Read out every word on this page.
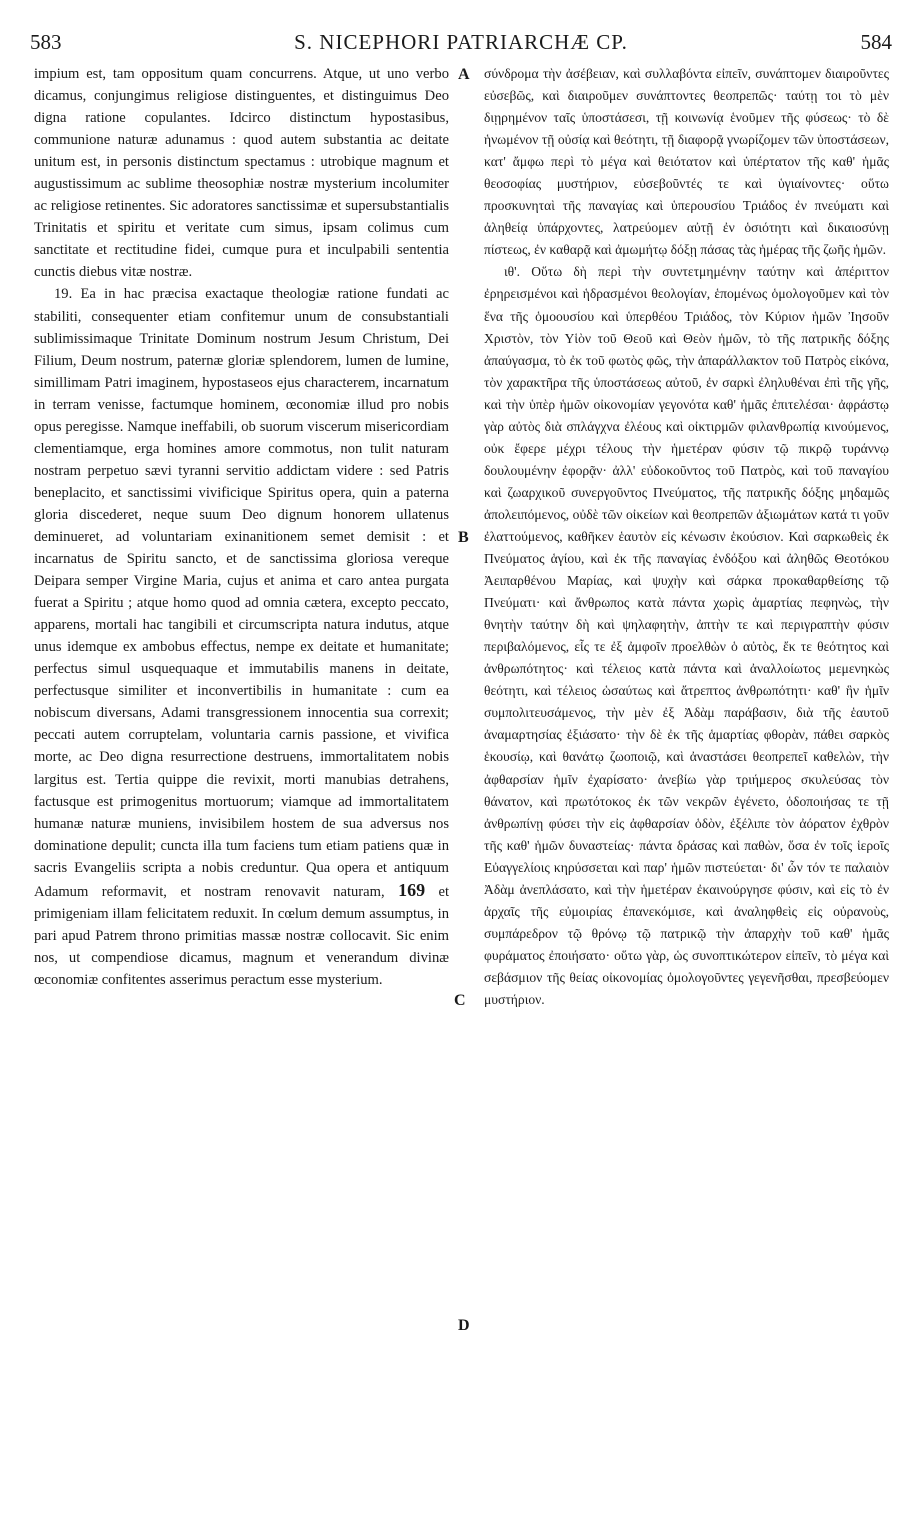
583	S. NICEPHORI PATRIARCHÆ CP.	584

impium est, tam oppositum quam concurrens. Atque, ut uno verbo dicamus, conjungimus religiose distinguentes, et distinguimus Deo digna ratione copulantes. Idcirco distinctum hypostasibus, communione naturæ adunamus : quod autem substantia ac deitate unitum est, in personis distinctum spectamus : utrobique magnum et augustissimum ac sublime theosophiæ nostræ mysterium incolumiter ac religiose retinentes. Sic adoratores sanctissimæ et supersubstantialis Trinitatis et spiritu et veritate cum simus, ipsam colimus cum sanctitate et rectitudine fidei, cumque pura et inculpabili sententia cunctis diebus vitæ nostræ.

19. Ea in hac præcisa exactaque theologiæ ratione fundati ac stabiliti, consequenter etiam confitemur unum de consubstantiali sublimissimaque Trinitate Dominum nostrum Jesum Christum, Dei Filium, Deum nostrum, paternæ gloriæ splendorem, lumen de lumine, simillimam Patri imaginem, hypostaseos ejus characterem, incarnatum in terram venisse, factumque hominem, œconomiæ illud pro nobis opus peregisse. Namque ineffabili, ob suorum viscerum misericordiam clementiamque, erga homines amore commotus, non tulit naturam nostram perpetuo sævi tyranni servitio addictam videre : sed Patris beneplacito, et sanctissimi vivificique Spiritus opera, quin a paterna gloria discederet, neque suum Deo dignum honorem ullatenus deminueret, ad voluntariam exinanitionem semet demisit : et incarnatus de Spiritu sancto, et de sanctissima gloriosa vereque Deipara semper Virgine Maria, cujus et anima et caro antea purgata fuerat a Spiritu ; atque homo quod ad omnia cætera, excepto peccato, apparens, mortali hac tangibili et circumscripta natura indutus, atque unus idemque ex ambobus effectus, nempe ex deitate et humanitate; perfectus simul usquequaque et immutabilis manens in deitate, perfectusque similiter et inconvertibilis in humanitate : cum ea nobiscum diversans, Adami transgressionem innocentia sua correxit; peccati autem corruptelam, voluntaria carnis passione, et vivifica morte, ac Deo digna resurrectione destruens, immortalitatem nobis largitus est. Tertia quippe die revixit, morti manubias detrahens, factusque est primogenitus mortuorum; viamque ad immortalitatem humanæ naturæ muniens, invisibilem hostem de sua adversus nos dominatione depulit; cuncta illa tum faciens tum etiam patiens quæ in sacris Evangeliis scripta a nobis creduntur. Qua opera et antiquum Adamum reformavit, et nostram renovavit naturam, 169 et primigeniam illam felicitatem reduxit. In cœlum demum assumptus, in pari apud Patrem throno primitias massæ nostræ collocavit. Sic enim nos, ut compendiose dicamus, magnum et venerandum divinæ œconomiæ confitentes asserimus peractum esse mysterium.

A
B
C
D

σύνδρομα τὴν ἀσέβειαν, καὶ συλλαβόντα εἰπεῖν, συνάπτομεν διαιροῦντες εὐσεβῶς, καὶ διαιροῦμεν συνάπτοντες θεοπρεπῶς· ταύτῃ τοι τὸ μὲν διῃρημένον ταῖς ὑποστάσεσι, τῇ κοινωνίᾳ ἑνοῦμεν τῆς φύσεως· τὸ δὲ ἡνωμένον τῇ οὐσίᾳ καὶ θεότητι, τῇ διαφορᾷ γνωρίζομεν τῶν ὑποστάσεων, κατ' ἄμφω περὶ τὸ μέγα καὶ θειότατον καὶ ὑπέρτατον τῆς καθ' ἡμᾶς θεοσοφίας μυστήριον, εὐσεβοῦντές τε καὶ ὑγιαίνοντες· οὕτω προσκυνηταὶ τῆς παναγίας καὶ ὑπερουσίου Τριάδος ἐν πνεύματι καὶ ἀληθείᾳ ὑπάρχοντες, λατρεύομεν αὐτῇ ἐν ὁσιότητι καὶ δικαιοσύνῃ πίστεως, ἐν καθαρᾷ καὶ ἀμωμήτῳ δόξῃ πάσας τὰς ἡμέρας τῆς ζωῆς ἡμῶν.

ιθ'. Οὕτω δὴ περὶ τὴν συντετμημένην ταύτην καὶ ἀπέριττον ἐρηρεισμένοι καὶ ἡδρασμένοι θεολογίαν, ἑπομένως ὁμολογοῦμεν καὶ τὸν ἕνα τῆς ὁμοουσίου καὶ ὑπερθέου Τριάδος, τὸν Κύριον ἡμῶν Ἰησοῦν Χριστὸν, τὸν Υἱὸν τοῦ Θεοῦ καὶ Θεὸν ἡμῶν, τὸ τῆς πατρικῆς δόξης ἀπαύγασμα, τὸ ἐκ τοῦ φωτὸς φῶς, τὴν ἀπαράλλακτον τοῦ Πατρὸς εἰκόνα, τὸν χαρακτῆρα τῆς ὑποστάσεως αὐτοῦ, ἐν σαρκὶ ἐληλυθέναι ἐπὶ τῆς γῆς, καὶ τὴν ὑπὲρ ἡμῶν οἰκονομίαν γεγονότα καθ' ἡμᾶς ἐπιτελέσαι· ἀφράστῳ γὰρ αὐτὸς διὰ σπλάγχνα ἐλέους καὶ οἰκτιρμῶν φιλανθρωπίᾳ κινούμενος, οὐκ ἔφερε μέχρι τέλους τὴν ἡμετέραν φύσιν τῷ πικρῷ τυράννῳ δουλουμένην ἐφορᾷν· ἀλλ' εὐδοκοῦντος τοῦ Πατρὸς, καὶ τοῦ παναγίου καὶ ζωαρχικοῦ συνεργοῦντος Πνεύματος, τῆς πατρικῆς δόξης μηδαμῶς ἀπολειπόμενος, οὐδὲ τῶν οἰκείων καὶ θεοπρεπῶν ἀξιωμάτων κατά τι γοῦν ἐλαττούμενος, καθῆκεν ἑαυτὸν εἰς κένωσιν ἑκούσιον. Καὶ σαρκωθεὶς ἐκ Πνεύματος ἁγίου, καὶ ἐκ τῆς παναγίας ἐνδόξου καὶ ἀληθῶς Θεοτόκου Ἀειπαρθένου Μαρίας, καὶ ψυχὴν καὶ σάρκα προκαθαρθείσης τῷ Πνεύματι· καὶ ἄνθρωπος κατὰ πάντα χωρὶς ἁμαρτίας πεφηνὼς, τὴν θνητὴν ταύτην δὴ καὶ ψηλαφητὴν, ἀπτὴν τε καὶ περιγραπτὴν φύσιν περιβαλόμενος, εἷς τε ἐξ ἀμφοῖν προελθὼν ὁ αὐτὸς, ἔκ τε θεότητος καὶ ἀνθρωπότητος· καὶ τέλειος κατὰ πάντα καὶ ἀναλλοίωτος μεμενηκὼς θεότητι, καὶ τέλειος ὡσαύτως καὶ ἄτρεπτος ἀνθρωπότητι· καθ' ἣν ἡμῖν συμπολιτευσάμενος, τὴν μὲν ἐξ Ἀδὰμ παράβασιν, διὰ τῆς ἑαυτοῦ ἀναμαρτησίας ἐξιάσατο· τὴν δὲ ἐκ τῆς ἁμαρτίας φθορὰν, πάθει σαρκὸς ἑκουσίῳ, καὶ θανάτῳ ζωοποιῷ, καὶ ἀναστάσει θεοπρεπεῖ καθελὼν, τὴν ἀφθαρσίαν ἡμῖν ἐχαρίσατο· ἀνεβίω γὰρ τριήμερος σκυλεύσας τὸν θάνατον, καὶ πρωτότοκος ἐκ τῶν νεκρῶν ἐγένετο, ὁδοποιήσας τε τῇ ἀνθρωπίνῃ φύσει τὴν εἰς ἀφθαρσίαν ὁδὸν, ἐξέλιπε τὸν ἀόρατον ἐχθρὸν τῆς καθ' ἡμῶν δυναστείας· πάντα δράσας καὶ παθὼν, ὅσα ἐν τοῖς ἱεροῖς Εὐαγγελίοις κηρύσσεται καὶ παρ' ἡμῶν πιστεύεται· δι' ὧν τόν τε παλαιὸν Ἀδὰμ ἀνεπλάσατο, καὶ τὴν ἡμετέραν ἐκαινούργησε φύσιν, καὶ εἰς τὸ ἐν ἀρχαῖς τῆς εὐμοιρίας ἐπανεκόμισε, καὶ ἀναληφθεὶς εἰς οὐρανοὺς, συμπάρεδρον τῷ θρόνῳ τῷ πατρικῷ τὴν ἀπαρχὴν τοῦ καθ' ἡμᾶς φυράματος ἐποιήσατο· οὕτω γὰρ, ὡς συνοπτικώτερον εἰπεῖν, τὸ μέγα καὶ σεβάσμιον τῆς θείας οἰκονομίας ὁμολογοῦντες γεγενῆσθαι, πρεσβεύομεν μυστήριον.
